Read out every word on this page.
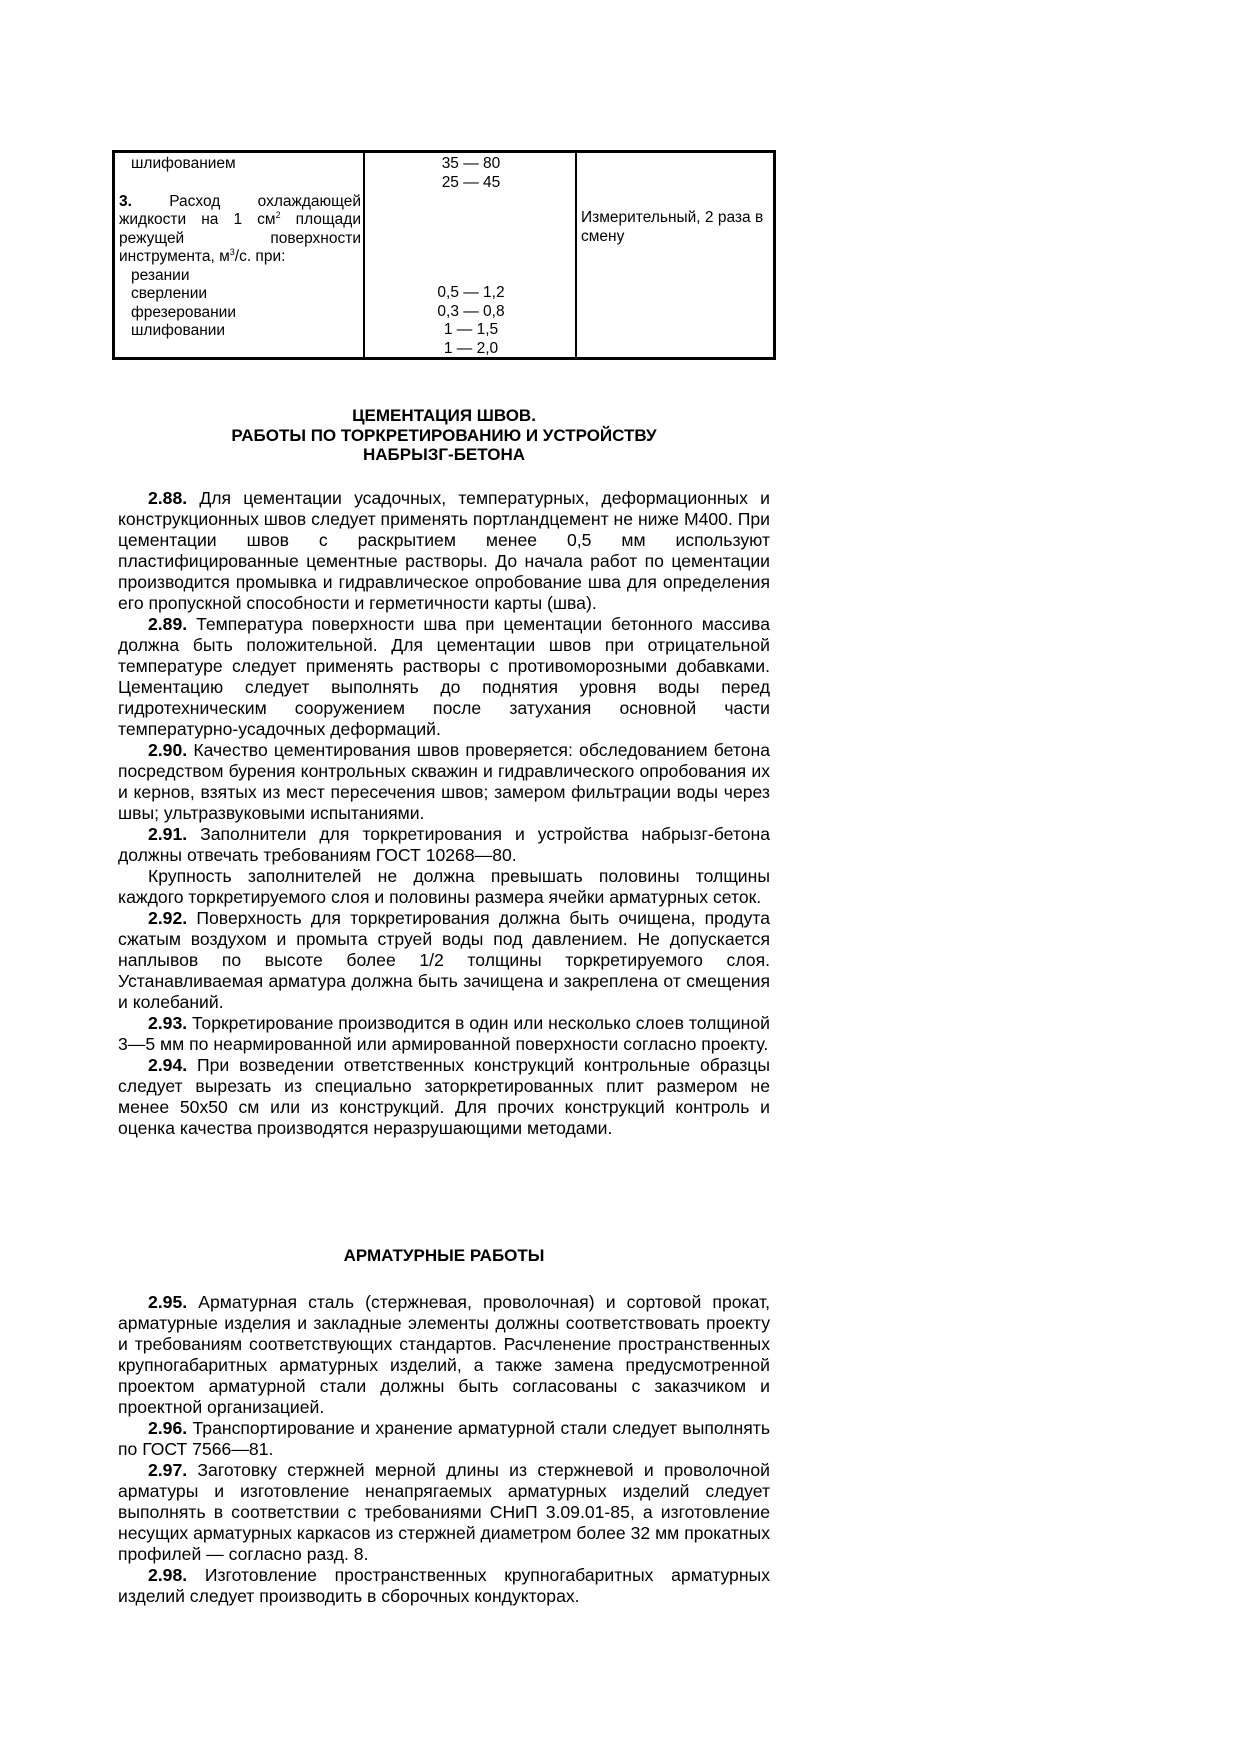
шлифованием
3. Расход охлаждающей
жидкости на 1 $см^2$ площади
режущей поверхности
инструмента, $м^3/с$. при:
резании
сверлении
фрезеровании
шлифовании
35 — 80
25 — 45
0,5 — 1,2
0,3 — 0,8
1 — 1,5
1 — 2,0
Измерительный, 2 раза в
смену
ЦЕМЕНТАЦИЯ ШВОВ.
РАБОТЫ ПО ТОРКРЕТИРОВАНИЮ И УСТРОЙСТВУ
НАБРЫЗГ-БЕТОНА

2.88. Для цементации усадочных, температурных, деформационных и конструкционных швов следует применять портландцемент не ниже М400. При цементации швов с раскрытием менее 0,5 мм используют пластифицированные цементные растворы. До начала работ по цементации производится промывка и гидравлическое опробование шва для определения его пропускной способности и герметичности карты (шва).

2.89. Температура поверхности шва при цементации бетонного массива должна быть положительной. Для цементации швов при отрицательной температуре следует применять растворы с противоморозными добавками. Цементацию следует выполнять до поднятия уровня воды перед гидротехническим сооружением после затухания основной части температурно-усадочных деформаций.

2.90. Качество цементирования швов проверяется: обследованием бетона посредством бурения контрольных скважин и гидравлического опробования их и кернов, взятых из мест пересечения швов; замером фильтрации воды через швы; ультразвуковыми испытаниями.

2.91. Заполнители для торкретирования и устройства набрызг-бетона должны отвечать требованиям ГОСТ 10268—80.

Крупность заполнителей не должна превышать половины толщины каждого торкретируемого слоя и половины размера ячейки арматурных сеток.

2.92. Поверхность для торкретирования должна быть очищена, продута сжатым воздухом и промыта струей воды под давлением. Не допускается наплывов по высоте более 1/2 толщины торкретируемого слоя. Устанавливаемая арматура должна быть зачищена и закреплена от смещения и колебаний.

2.93. Торкретирование производится в один или несколько слоев толщиной 3—5 мм по неармированной или армированной поверхности согласно проекту.

2.94. При возведении ответственных конструкций контрольные образцы следует вырезать из специально заторкретированных плит размером не менее 50x50 см или из конструкций. Для прочих конструкций контроль и оценка качества производятся неразрушающими методами.

АРМАТУРНЫЕ РАБОТЫ

2.95. Арматурная сталь (стержневая, проволочная) и сортовой прокат, арматурные изделия и закладные элементы должны соответствовать проекту и требованиям соответствующих стандартов. Расчленение пространственных крупногабаритных арматурных изделий, а также замена предусмотренной проектом арматурной стали должны быть согласованы с заказчиком и проектной организацией.

2.96. Транспортирование и хранение арматурной стали следует выполнять по ГОСТ 7566—81.

2.97. Заготовку стержней мерной длины из стержневой и проволочной арматуры и изготовление ненапрягаемых арматурных изделий следует выполнять в соответствии с требованиями СНиП 3.09.01-85, а изготовление несущих арматурных каркасов из стержней диаметром более 32 мм прокатных профилей — согласно разд. 8.

2.98. Изготовление пространственных крупногабаритных арматурных изделий следует производить в сборочных кондукторах.
